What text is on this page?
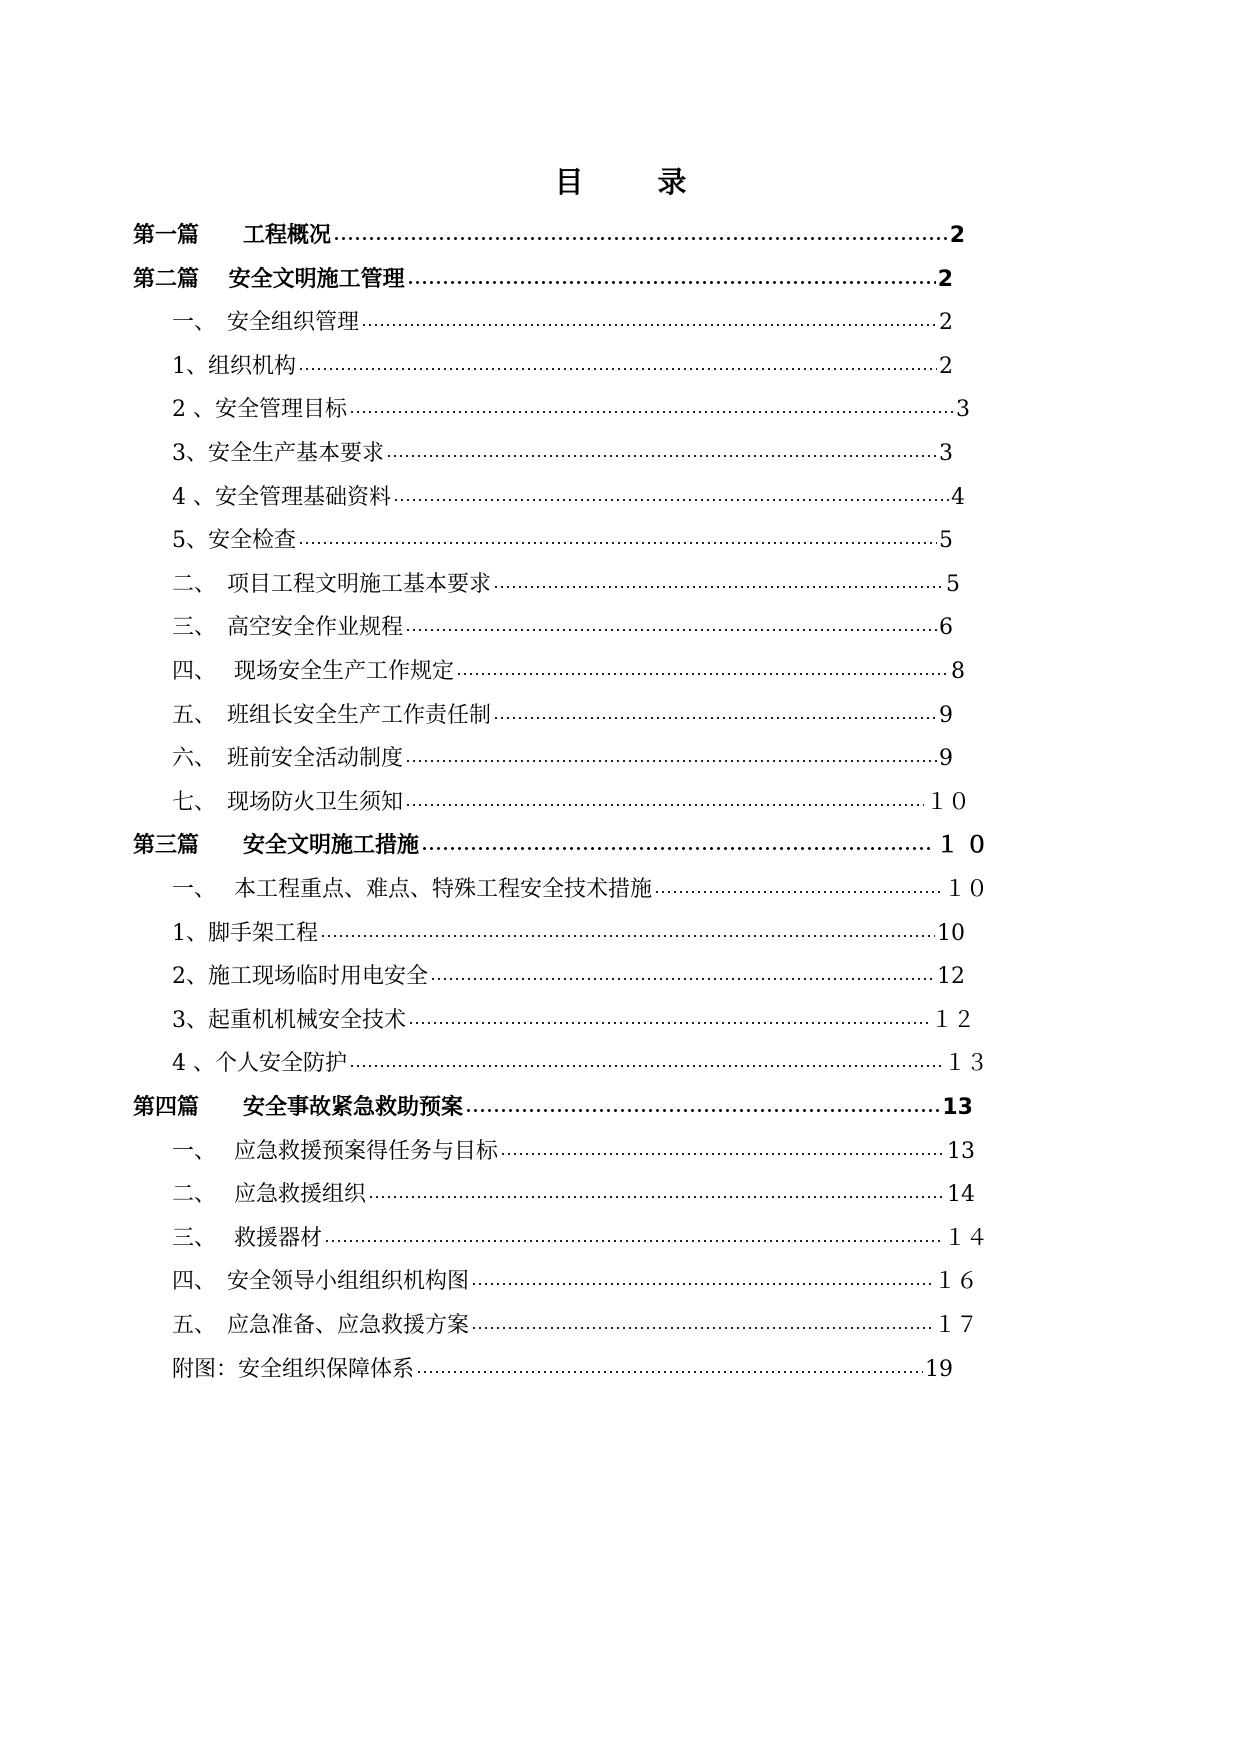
目 录
第一篇　　工程概况	2
第二篇　 安全文明施工管理	2
一、　安全组织管理	2
1、组织机构	2
2 、安全管理目标	3
3、安全生产基本要求	3
4 、安全管理基础资料	4
5、安全检查	5
二、　项目工程文明施工基本要求	5
三、　高空安全作业规程	6
四、　 现场安全生产工作规定	8
五、　班组长安全生产工作责任制	9
六、　班前安全活动制度	9
七、　现场防火卫生须知	１０
第三篇　　安全文明施工措施	１ ０
一、　 本工程重点、难点、特殊工程安全技术措施	１０
1、脚手架工程	10
2、施工现场临时用电安全	12
3、起重机机械安全技术	１２
4 、个人安全防护	１３
第四篇　　安全事故紧急救助预案	13
一、　 应急救援预案得任务与目标	13
二、　 应急救援组织	14
三、　 救援器材	１４
四、　安全领导小组组织机构图	１６
五、　应急准备、应急救援方案	１７
附图：安全组织保障体系	19
